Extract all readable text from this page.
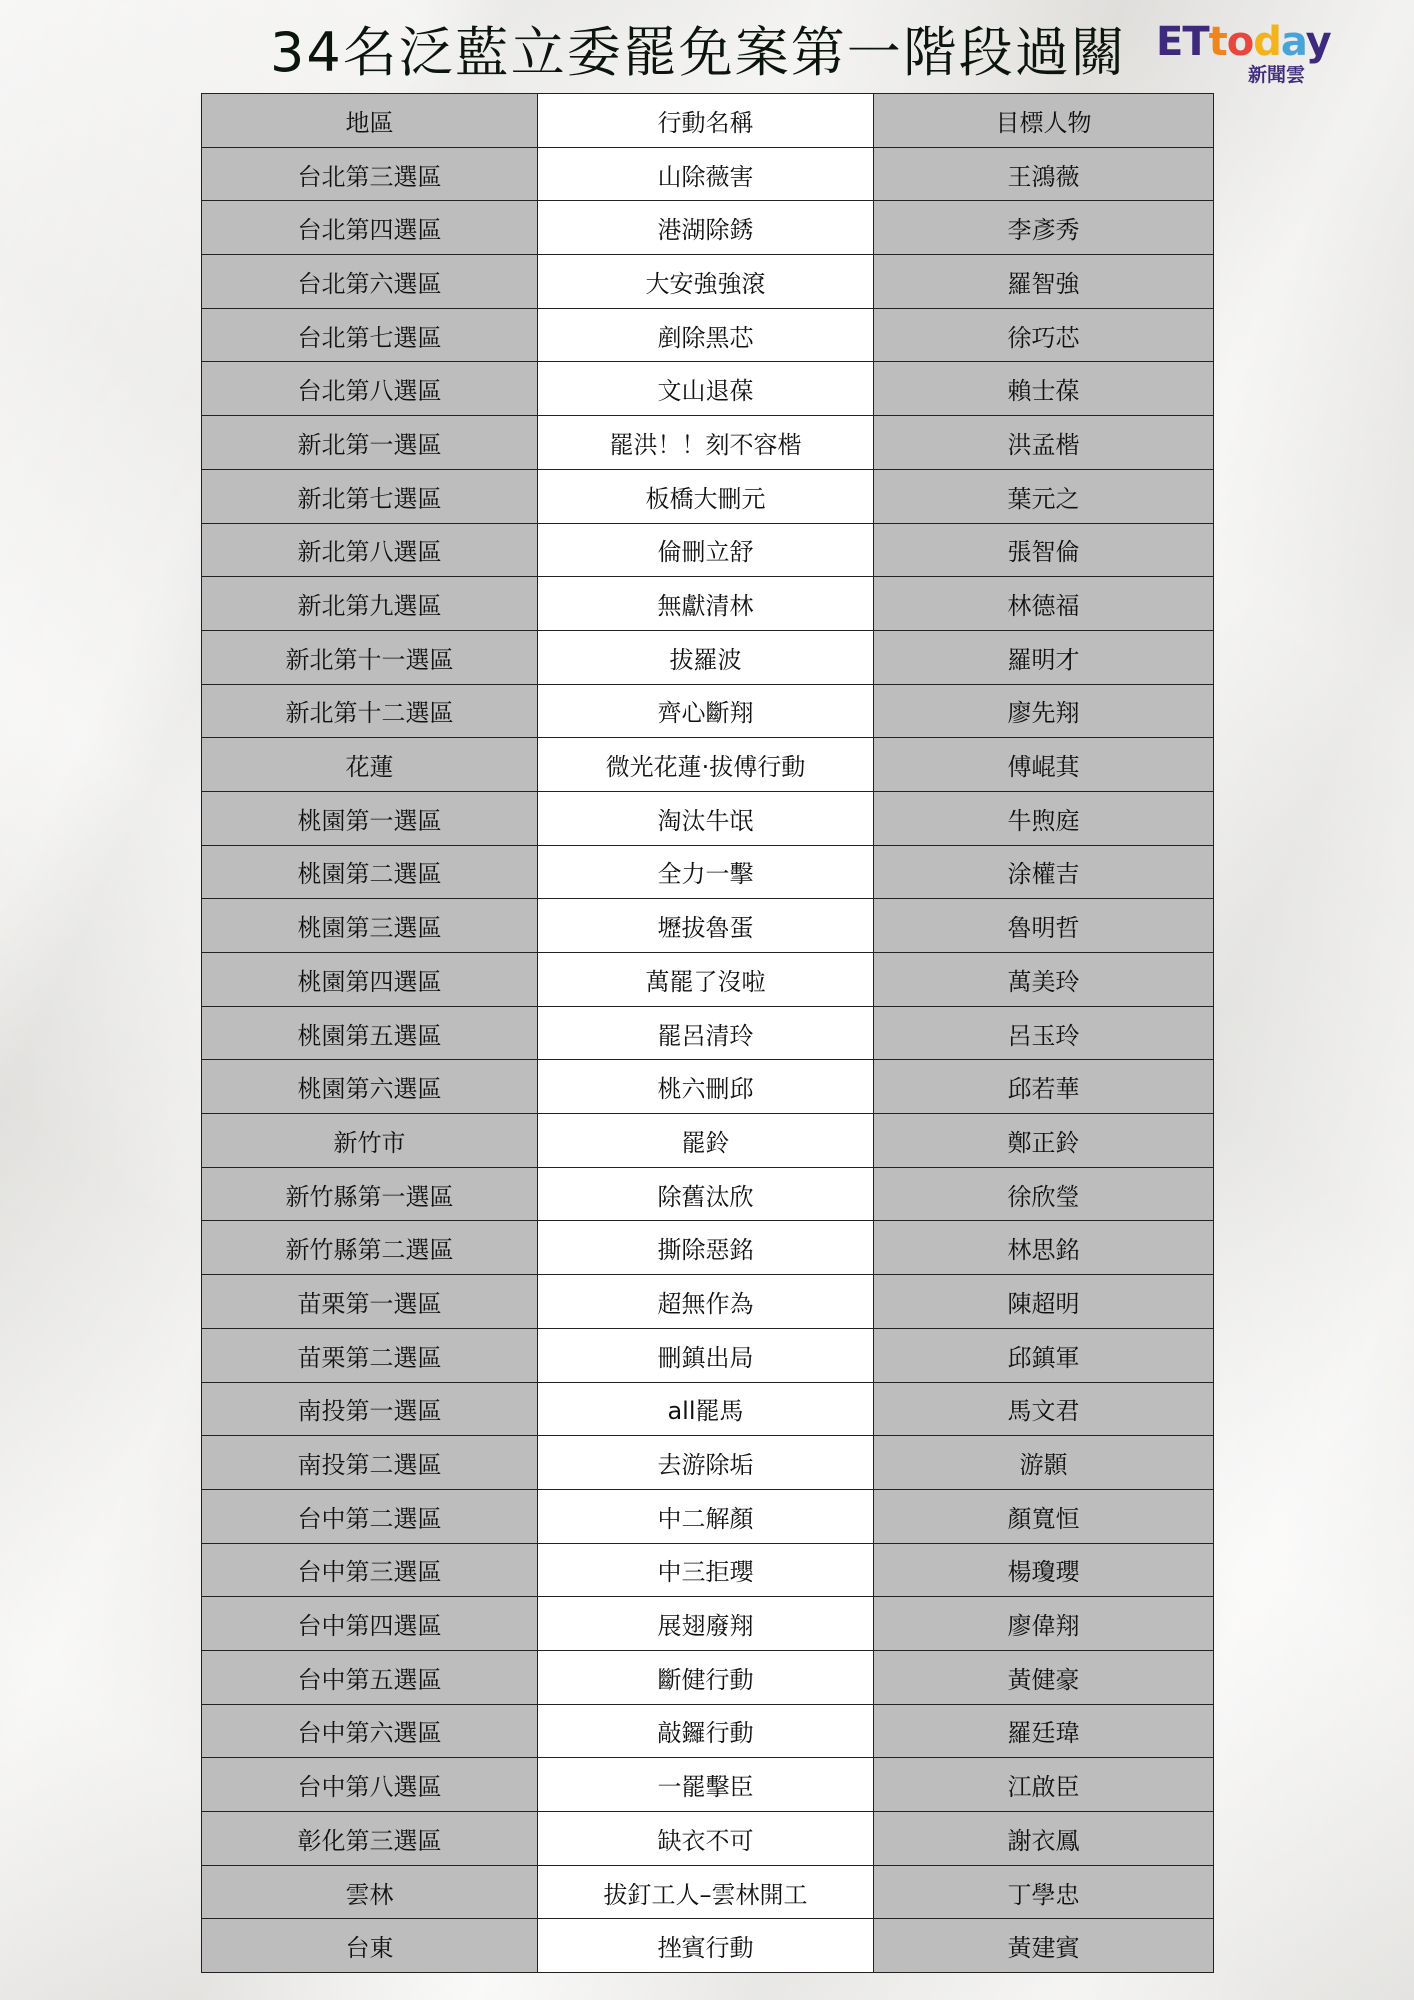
34名泛藍立委罷免案第一階段過關 ETtoday
新聞雲
地區	行動名稱	目標人物
台北第三選區	山除薇害	王鴻薇
台北第四選區	港湖除銹	李彥秀
台北第六選區	大安強強滾	羅智強
台北第七選區	剷除黑芯	徐巧芯
台北第八選區	文山退葆	賴士葆
新北第一選區	罷洪！！刻不容楷	洪孟楷
新北第七選區	板橋大刪元	葉元之
新北第八選區	倫刪立舒	張智倫
新北第九選區	無獻清林	林德福
新北第十一選區	拔羅波	羅明才
新北第十二選區	齊心斷翔	廖先翔
花蓮	微光花蓮·拔傅行動	傅崐萁
桃園第一選區	淘汰牛氓	牛煦庭
桃園第二選區	全力一擊	涂權吉
桃園第三選區	壢拔魯蛋	魯明哲
桃園第四選區	萬罷了沒啦	萬美玲
桃園第五選區	罷呂清玲	呂玉玲
桃園第六選區	桃六刪邱	邱若華
新竹市	罷鈴	鄭正鈴
新竹縣第一選區	除舊汰欣	徐欣瑩
新竹縣第二選區	撕除惡銘	林思銘
苗栗第一選區	超無作為	陳超明
苗栗第二選區	刪鎮出局	邱鎮軍
南投第一選區	all罷馬	馬文君
南投第二選區	去游除垢	游顥
台中第二選區	中二解顏	顏寬恒
台中第三選區	中三拒瓔	楊瓊瓔
台中第四選區	展翅廢翔	廖偉翔
台中第五選區	斷健行動	黃健豪
台中第六選區	敲鑼行動	羅廷瑋
台中第八選區	一罷擊臣	江啟臣
彰化第三選區	缺衣不可	謝衣鳳
雲林	拔釘工人–雲林開工	丁學忠
台東	挫賓行動	黃建賓
